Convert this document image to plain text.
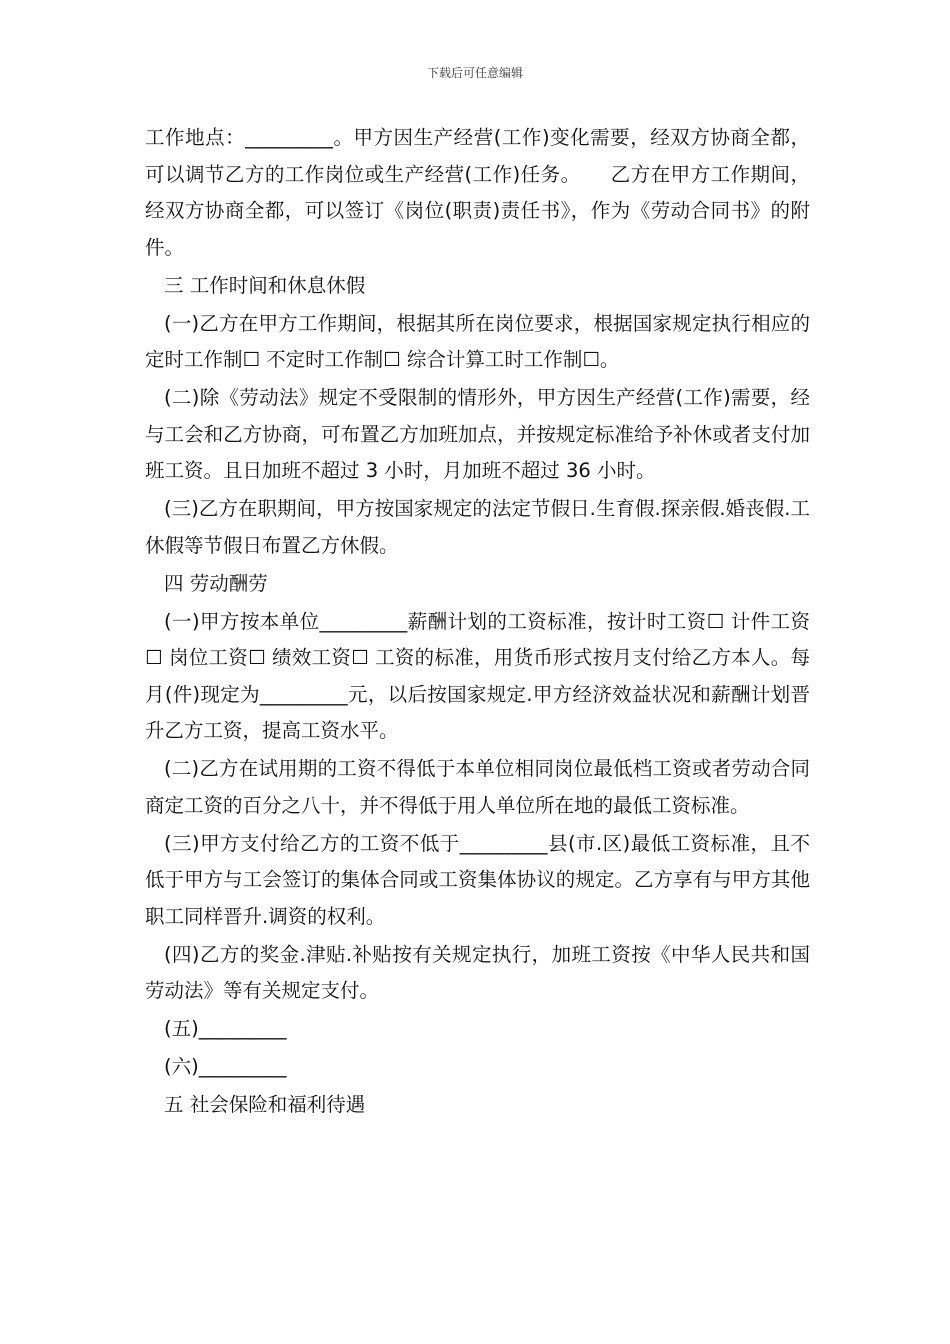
下载后可任意编辑

工作地点：_________。甲方因生产经营(工作)变化需要，经双方协商全都，可以调节乙方的工作岗位或生产经营(工作)任务。　　乙方在甲方工作期间，经双方协商全都，可以签订《岗位(职责)责任书》，作为《劳动合同书》的附件。

三 工作时间和休息休假

(一)乙方在甲方工作期间，根据其所在岗位要求，根据国家规定执行相应的定时工作制☐ 不定时工作制☐ 综合计算工时工作制☐。

(二)除《劳动法》规定不受限制的情形外，甲方因生产经营(工作)需要，经与工会和乙方协商，可布置乙方加班加点，并按规定标准给予补休或者支付加班工资。且日加班不超过 3 小时，月加班不超过 36 小时。

(三)乙方在职期间，甲方按国家规定的法定节假日.生育假.探亲假.婚丧假.工休假等节假日布置乙方休假。

四 劳动酬劳

(一)甲方按本单位_________薪酬计划的工资标准，按计时工资☐ 计件工资☐ 岗位工资☐ 绩效工资☐ 工资的标准，用货币形式按月支付给乙方本人。每月(件)现定为_________元，以后按国家规定.甲方经济效益状况和薪酬计划晋升乙方工资，提高工资水平。

(二)乙方在试用期的工资不得低于本单位相同岗位最低档工资或者劳动合同商定工资的百分之八十，并不得低于用人单位所在地的最低工资标准。

(三)甲方支付给乙方的工资不低于_________县(市.区)最低工资标准，且不低于甲方与工会签订的集体合同或工资集体协议的规定。乙方享有与甲方其他职工同样晋升.调资的权利。

(四)乙方的奖金.津贴.补贴按有关规定执行，加班工资按《中华人民共和国劳动法》等有关规定支付。

(五)_________

(六)_________

五 社会保险和福利待遇
